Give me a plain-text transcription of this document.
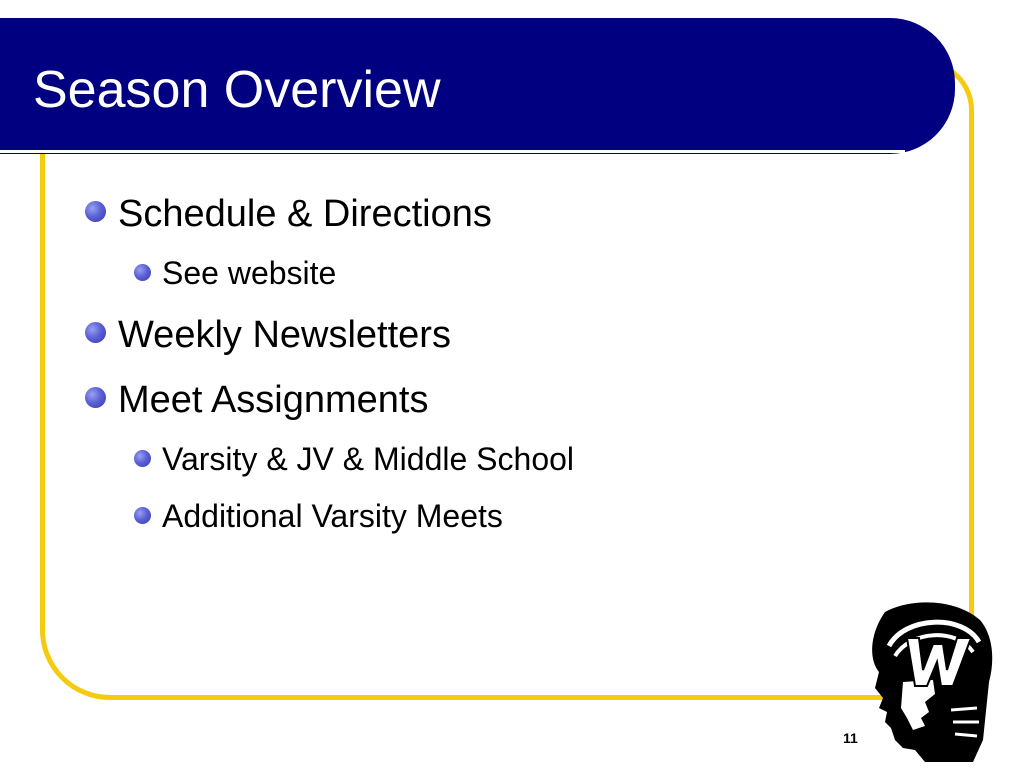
Season Overview
Schedule & Directions
See website
Weekly Newsletters
Meet Assignments
Varsity & JV & Middle School
Additional Varsity Meets
11
